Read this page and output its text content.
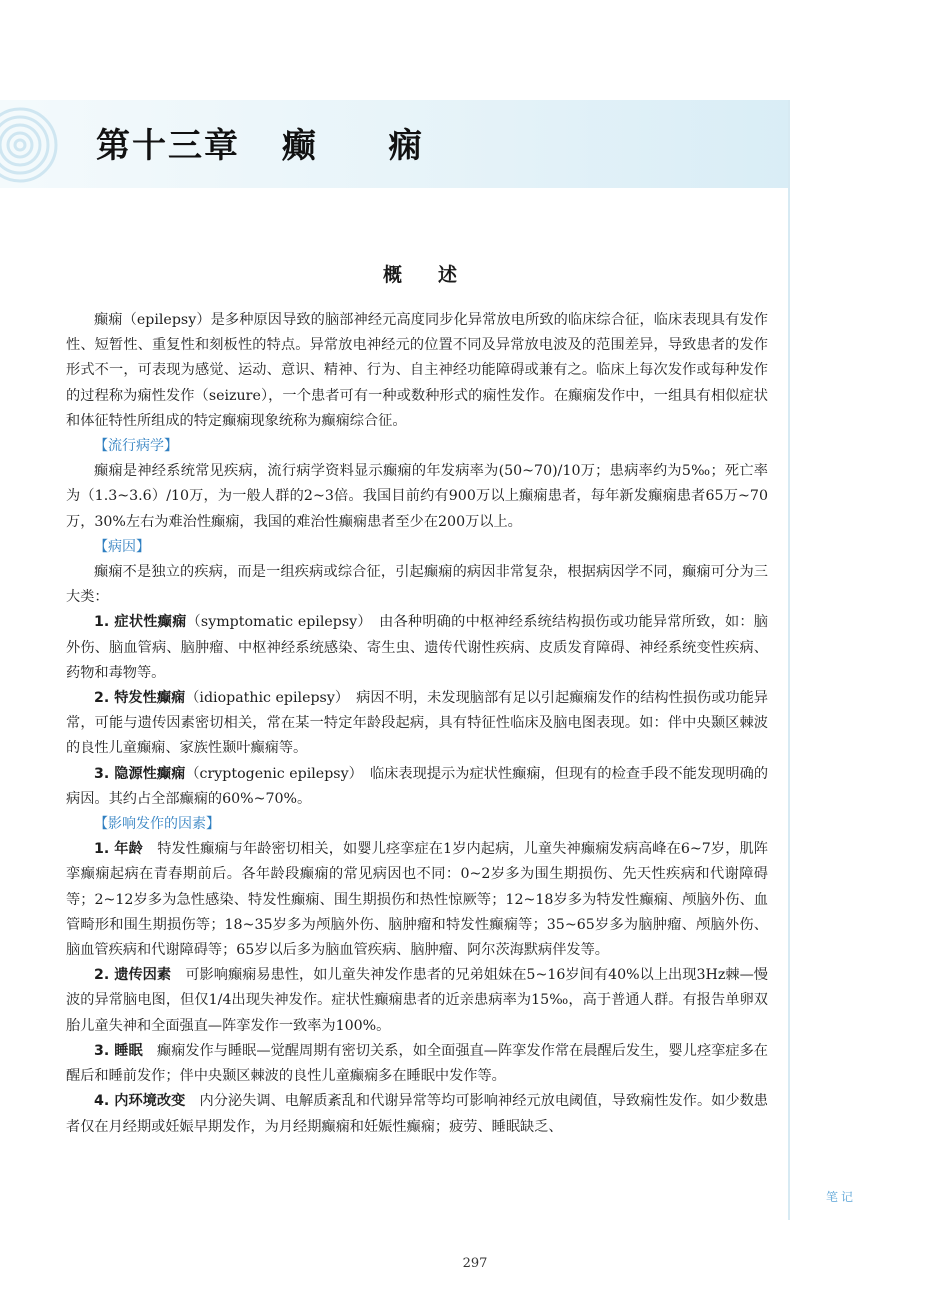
第十三章 癫 痫
概述

癫痫（epilepsy）是多种原因导致的脑部神经元高度同步化异常放电所致的临床综合征，临床表现具有发作性、短暂性、重复性和刻板性的特点。异常放电神经元的位置不同及异常放电波及的范围差异，导致患者的发作形式不一，可表现为感觉、运动、意识、精神、行为、自主神经功能障碍或兼有之。临床上每次发作或每种发作的过程称为痫性发作（seizure），一个患者可有一种或数种形式的痫性发作。在癫痫发作中，一组具有相似症状和体征特性所组成的特定癫痫现象统称为癫痫综合征。

【流行病学】

癫痫是神经系统常见疾病，流行病学资料显示癫痫的年发病率为(50~70)/10万；患病率约为5‰；死亡率为（1.3~3.6）/10万，为一般人群的2~3倍。我国目前约有900万以上癫痫患者，每年新发癫痫患者65万~70万，30%左右为难治性癫痫，我国的难治性癫痫患者至少在200万以上。

【病因】

癫痫不是独立的疾病，而是一组疾病或综合征，引起癫痫的病因非常复杂，根据病因学不同，癫痫可分为三大类：

1. 症状性癫痫（symptomatic epilepsy）　由各种明确的中枢神经系统结构损伤或功能异常所致，如：脑外伤、脑血管病、脑肿瘤、中枢神经系统感染、寄生虫、遗传代谢性疾病、皮质发育障碍、神经系统变性疾病、药物和毒物等。

2. 特发性癫痫（idiopathic epilepsy）　病因不明，未发现脑部有足以引起癫痫发作的结构性损伤或功能异常，可能与遗传因素密切相关，常在某一特定年龄段起病，具有特征性临床及脑电图表现。如：伴中央颞区棘波的良性儿童癫痫、家族性颞叶癫痫等。

3. 隐源性癫痫（cryptogenic epilepsy）　临床表现提示为症状性癫痫，但现有的检查手段不能发现明确的病因。其约占全部癫痫的60%~70%。

【影响发作的因素】

1. 年龄　 特发性癫痫与年龄密切相关，如婴儿痉挛症在1岁内起病，儿童失神癫痫发病高峰在6~7岁，肌阵挛癫痫起病在青春期前后。各年龄段癫痫的常见病因也不同：0~2岁多为围生期损伤、先天性疾病和代谢障碍等；2~12岁多为急性感染、特发性癫痫、围生期损伤和热性惊厥等；12~18岁多为特发性癫痫、颅脑外伤、血管畸形和围生期损伤等；18~35岁多为颅脑外伤、脑肿瘤和特发性癫痫等；35~65岁多为脑肿瘤、颅脑外伤、脑血管疾病和代谢障碍等；65岁以后多为脑血管疾病、脑肿瘤、阿尔茨海默病伴发等。

2. 遗传因素　 可影响癫痫易患性，如儿童失神发作患者的兄弟姐妹在5~16岁间有40%以上出现3Hz棘—慢波的异常脑电图，但仅1/4出现失神发作。症状性癫痫患者的近亲患病率为15‰，高于普通人群。有报告单卵双胎儿童失神和全面强直—阵挛发作一致率为100%。

3. 睡眠　 癫痫发作与睡眠—觉醒周期有密切关系，如全面强直—阵挛发作常在晨醒后发生，婴儿痉挛症多在醒后和睡前发作；伴中央颞区棘波的良性儿童癫痫多在睡眠中发作等。

4. 内环境改变　 内分泌失调、电解质紊乱和代谢异常等均可影响神经元放电阈值，导致痫性发作。如少数患者仅在月经期或妊娠早期发作，为月经期癫痫和妊娠性癫痫；疲劳、睡眠缺乏、

笔记
297
